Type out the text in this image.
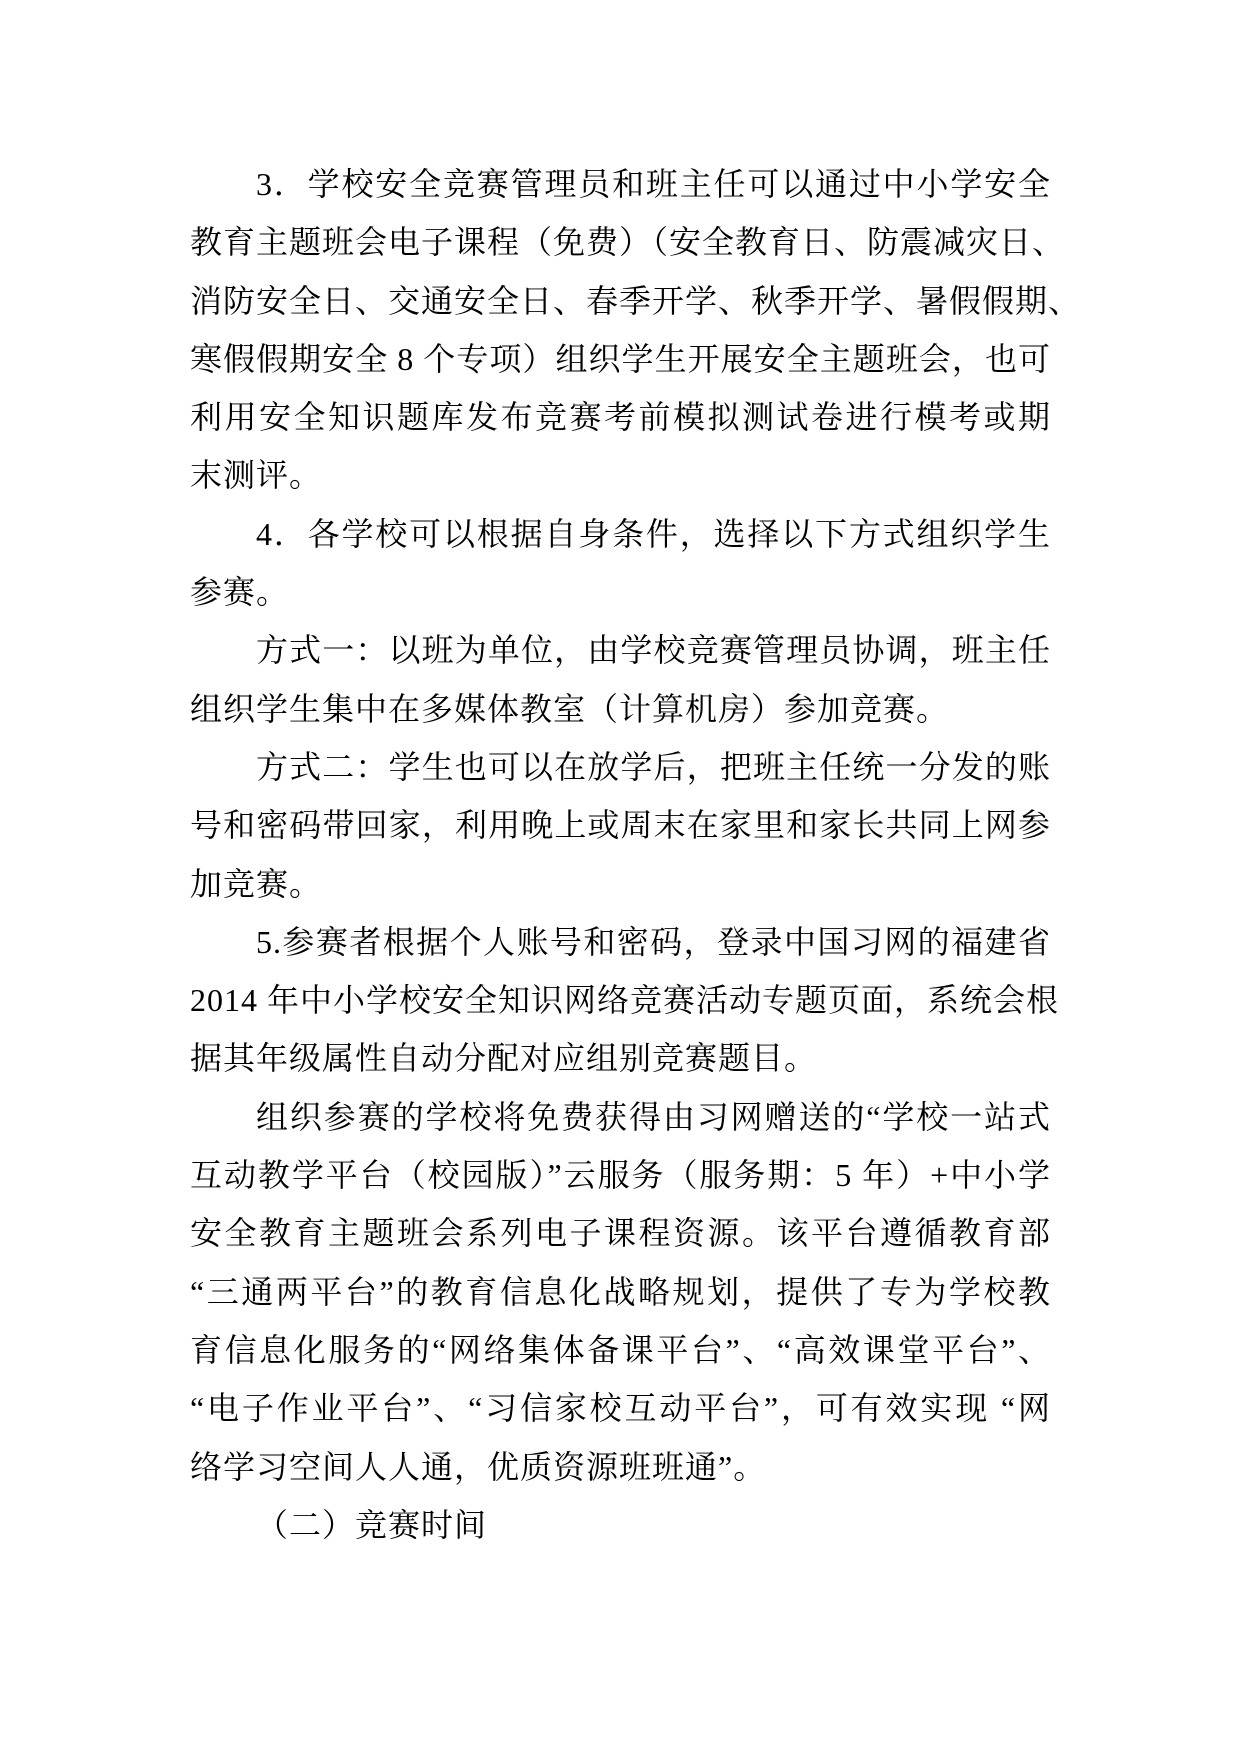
3．学校安全竞赛管理员和班主任可以通过中小学安全
教育主题班会电子课程（免费）（安全教育日、防震减灾日、
消防安全日、交通安全日、春季开学、秋季开学、暑假假期、
寒假假期安全 8 个专项）组织学生开展安全主题班会，也可
利用安全知识题库发布竞赛考前模拟测试卷进行模考或期
末测评。
4．各学校可以根据自身条件，选择以下方式组织学生
参赛。
方式一：以班为单位，由学校竞赛管理员协调，班主任
组织学生集中在多媒体教室（计算机房）参加竞赛。
方式二：学生也可以在放学后，把班主任统一分发的账
号和密码带回家，利用晚上或周末在家里和家长共同上网参
加竞赛。
5.参赛者根据个人账号和密码，登录中国习网的福建省
2014 年中小学校安全知识网络竞赛活动专题页面，系统会根
据其年级属性自动分配对应组别竞赛题目。
组织参赛的学校将免费获得由习网赠送的“学校一站式
互动教学平台（校园版）”云服务（服务期：5 年）+中小学
安全教育主题班会系列电子课程资源。该平台遵循教育部
“三通两平台”的教育信息化战略规划，提供了专为学校教
育信息化服务的“网络集体备课平台”、“高效课堂平台”、
“电子作业平台”、“习信家校互动平台”，可有效实现 “网
络学习空间人人通，优质资源班班通”。
（二）竞赛时间
